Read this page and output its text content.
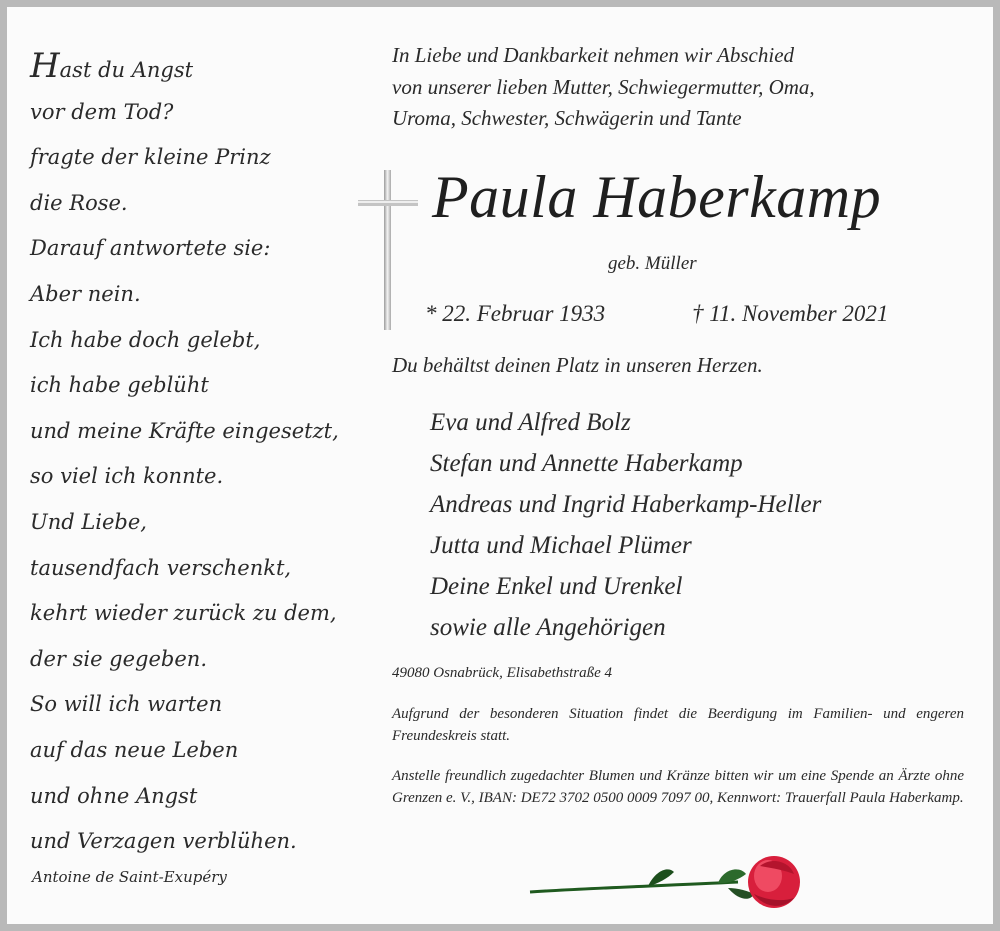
Hast du Angst
vor dem Tod?
fragte der kleine Prinz
die Rose.
Darauf antwortete sie:
Aber nein.
Ich habe doch gelebt,
ich habe geblüht
und meine Kräfte eingesetzt,
so viel ich konnte.
Und Liebe,
tausendfach verschenkt,
kehrt wieder zurück zu dem,
der sie gegeben.
So will ich warten
auf das neue Leben
und ohne Angst
und Verzagen verblühen.
Antoine de Saint-Exupéry
In Liebe und Dankbarkeit nehmen wir Abschied
von unserer lieben Mutter, Schwiegermutter, Oma,
Uroma, Schwester, Schwägerin und Tante
Paula Haberkamp
geb. Müller
* 22. Februar 1933	† 11. November 2021
Du behältst deinen Platz in unseren Herzen.
Eva und Alfred Bolz
Stefan und Annette Haberkamp
Andreas und Ingrid Haberkamp-Heller
Jutta und Michael Plümer
Deine Enkel und Urenkel
sowie alle Angehörigen
49080 Osnabrück, Elisabethstraße 4
Aufgrund der besonderen Situation findet die Beerdigung im Familien- und engeren Freundeskreis statt.
Anstelle freundlich zugedachter Blumen und Kränze bitten wir um eine Spende an Ärzte ohne Grenzen e. V., IBAN: DE72 3702 0500 0009 7097 00, Kennwort: Trauerfall Paula Haberkamp.
